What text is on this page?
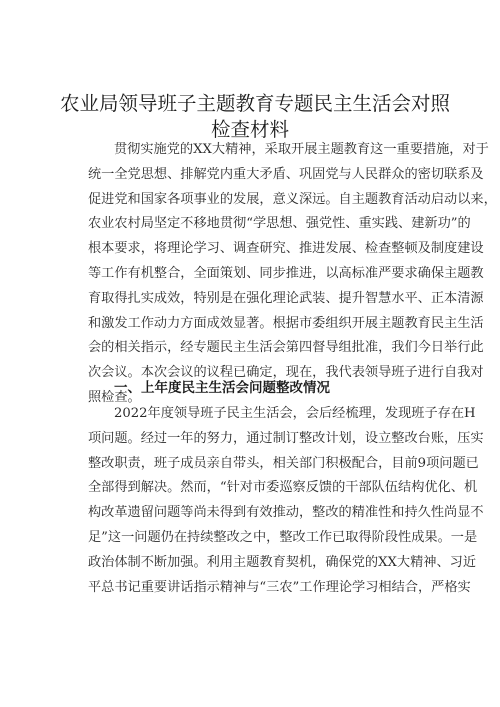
农业局领导班子主题教育专题民主生活会对照
检查材料
贯彻实施党的XX大精神，采取开展主题教育这一重要措施，对于
统一全党思想、排解党内重大矛盾、巩固党与人民群众的密切联系及
促进党和国家各项事业的发展，意义深远。自主题教育活动启动以来，
农业农村局坚定不移地贯彻“学思想、强党性、重实践、建新功”的
根本要求，将理论学习、调查研究、推进发展、检查整顿及制度建设
等工作有机整合，全面策划、同步推进，以高标准严要求确保主题教
育取得扎实成效，特别是在强化理论武装、提升智慧水平、正本清源
和激发工作动力方面成效显著。根据市委组织开展主题教育民主生活
会的相关指示，经专题民主生活会第四督导组批准，我们今日举行此
次会议。本次会议的议程已确定，现在，我代表领导班子进行自我对
照检查。
一、上年度民主生活会问题整改情况
2022年度领导班子民主生活会，会后经梳理，发现班子存在H
项问题。经过一年的努力，通过制订整改计划，设立整改台账，压实
整改职责，班子成员亲自带头，相关部门积极配合，目前9项问题已
全部得到解决。然而，“针对市委巡察反馈的干部队伍结构优化、机
构改革遗留问题等尚未得到有效推动，整改的精准性和持久性尚显不
足”这一问题仍在持续整改之中，整改工作已取得阶段性成果。一是
政治体制不断加强。利用主题教育契机，确保党的XX大精神、习近
平总书记重要讲话指示精神与“三农”工作理论学习相结合，严格实
